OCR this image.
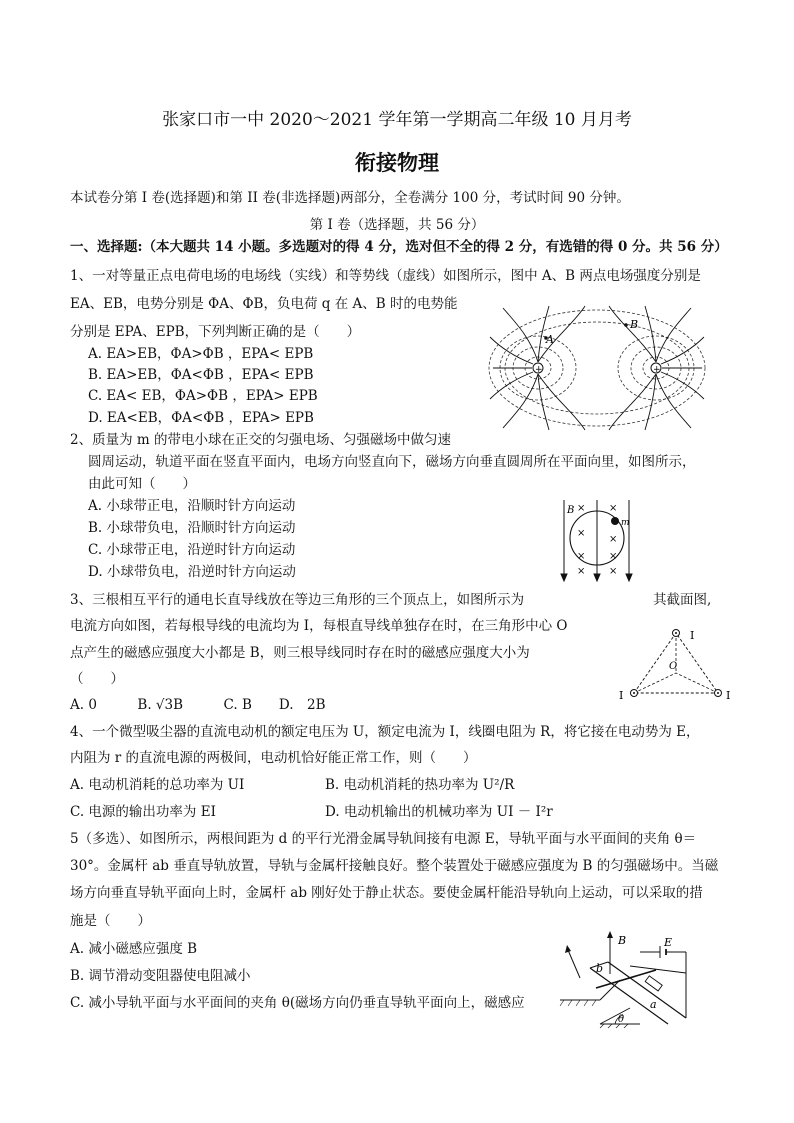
张家口市一中 2020～2021 学年第一学期高二年级 10 月月考
衔接物理
本试卷分第 I 卷(选择题)和第 II 卷(非选择题)两部分，全卷满分 100 分，考试时间 90 分钟。
第 I 卷（选择题，共 56 分）
一、选择题:（本大题共 14 小题。多选题对的得 4 分，选对但不全的得 2 分，有选错的得 0 分。共 56 分）
1、一对等量正点电荷电场的电场线（实线）和等势线（虚线）如图所示，图中 A、B 两点电场强度分别是
EA、EB，电势分别是 ΦA、ΦB，负电荷 q 在 A、B 时的电势能
分别是 EPA、EPB，下列判断正确的是（　　）
A. EA>EB，ΦA>ΦB ，EPA< EPB
B. EA>EB，ΦA<ΦB ，EPA< EPB
C. EA< EB，ΦA>ΦB ，EPA> EPB
D. EA<EB，ΦA<ΦB ，EPA> EPB
+	+
A
B
2、质量为 m 的带电小球在正交的匀强电场、匀强磁场中做匀速
圆周运动，轨道平面在竖直平面内，电场方向竖直向下，磁场方向垂直圆周所在平面向里，如图所示，
由此可知（　　）
A. 小球带正电，沿顺时针方向运动
B. 小球带负电，沿顺时针方向运动
C. 小球带正电，沿逆时针方向运动
D. 小球带负电，沿逆时针方向运动
B
m
× ×
×
×
× ×
× ×
3、三根相互平行的通电长直导线放在等边三角形的三个顶点上，如图所示为	其截面图,
电流方向如图，若每根导线的电流均为 I，每根直导线单独存在时，在三角形中心 O
点产生的磁感应强度大小都是 B，则三根导线同时存在时的磁感应强度大小为
（　　）
A. 0　　　B. √3B　　　C. B　　D.　2B
I
I	I
O
4、一个微型吸尘器的直流电动机的额定电压为 U，额定电流为 I，线圈电阻为 R，将它接在电动势为 E，
内阻为 r 的直流电源的两极间，电动机恰好能正常工作，则（　　）
A. 电动机消耗的总功率为 UI	B. 电动机消耗的热功率为 U²/R
C. 电源的输出功率为 EI	D. 电动机输出的机械功率为 UI － I²r
5（多选）、如图所示，两根间距为 d 的平行光滑金属导轨间接有电源 E，导轨平面与水平面间的夹角 θ＝
30°。金属杆 ab 垂直导轨放置，导轨与金属杆接触良好。整个装置处于磁感应强度为 B 的匀强磁场中。当磁
场方向垂直导轨平面向上时，金属杆 ab 刚好处于静止状态。要使金属杆能沿导轨向上运动，可以采取的措
施是（　　）
A. 减小磁感应强度 B
B. 调节滑动变阻器使电阻减小
C. 减小导轨平面与水平面间的夹角 θ(磁场方向仍垂直导轨平面向上，磁感应
B	E
b
a
θ
